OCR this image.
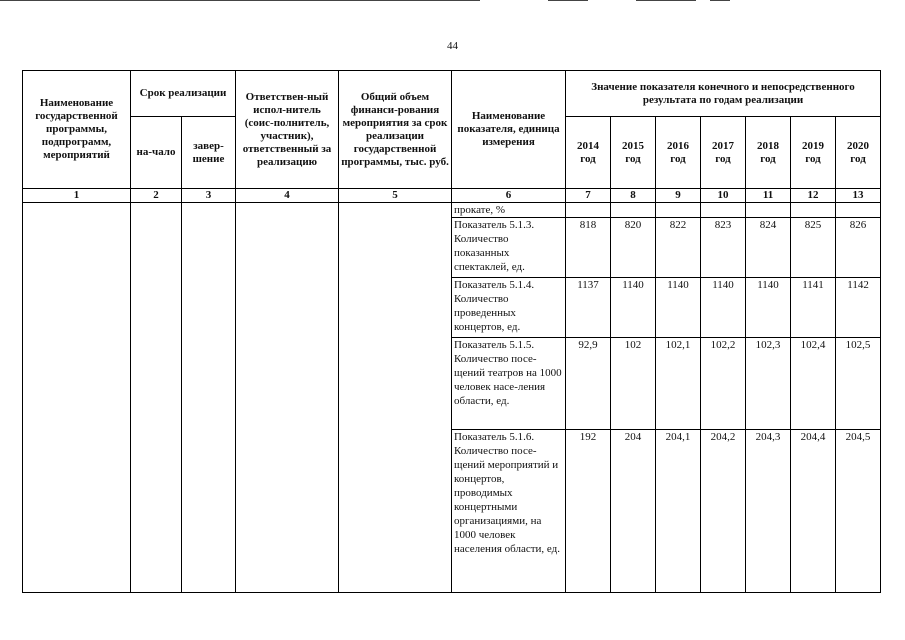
44
Наименование государственной программы, подпрограмм, мероприятий	Срок реализации		Ответствен-ный испол-нитель (соис-полнитель, участник), ответственный за реализацию	Общий объем финанси-рования мероприятия за срок реализации государственной программы, тыс. руб.	Наименование показателя, единица измерения	Значение показателя конечного и непосредственного результата по годам реализации						
	на-чало	завер-шение				2014 год	2015 год	2016 год	2017 год	2018 год	2019 год	2020 год
1	2	3	4	5	6	7	8	9	10	11	12	13
					прокате, %							
					Показатель 5.1.3. Количество показанных спектаклей, ед.	818	820	822	823	824	825	826
					Показатель 5.1.4. Количество проведенных концертов, ед.	1137	1140	1140	1140	1140	1141	1142
					Показатель 5.1.5. Количество посе-щений театров на 1000 человек насе-ления области, ед.	92,9	102	102,1	102,2	102,3	102,4	102,5
					Показатель 5.1.6. Количество посе-щений мероприятий и концертов, проводимых концертными организациями, на 1000 человек населения области, ед.	192	204	204,1	204,2	204,3	204,4	204,5
